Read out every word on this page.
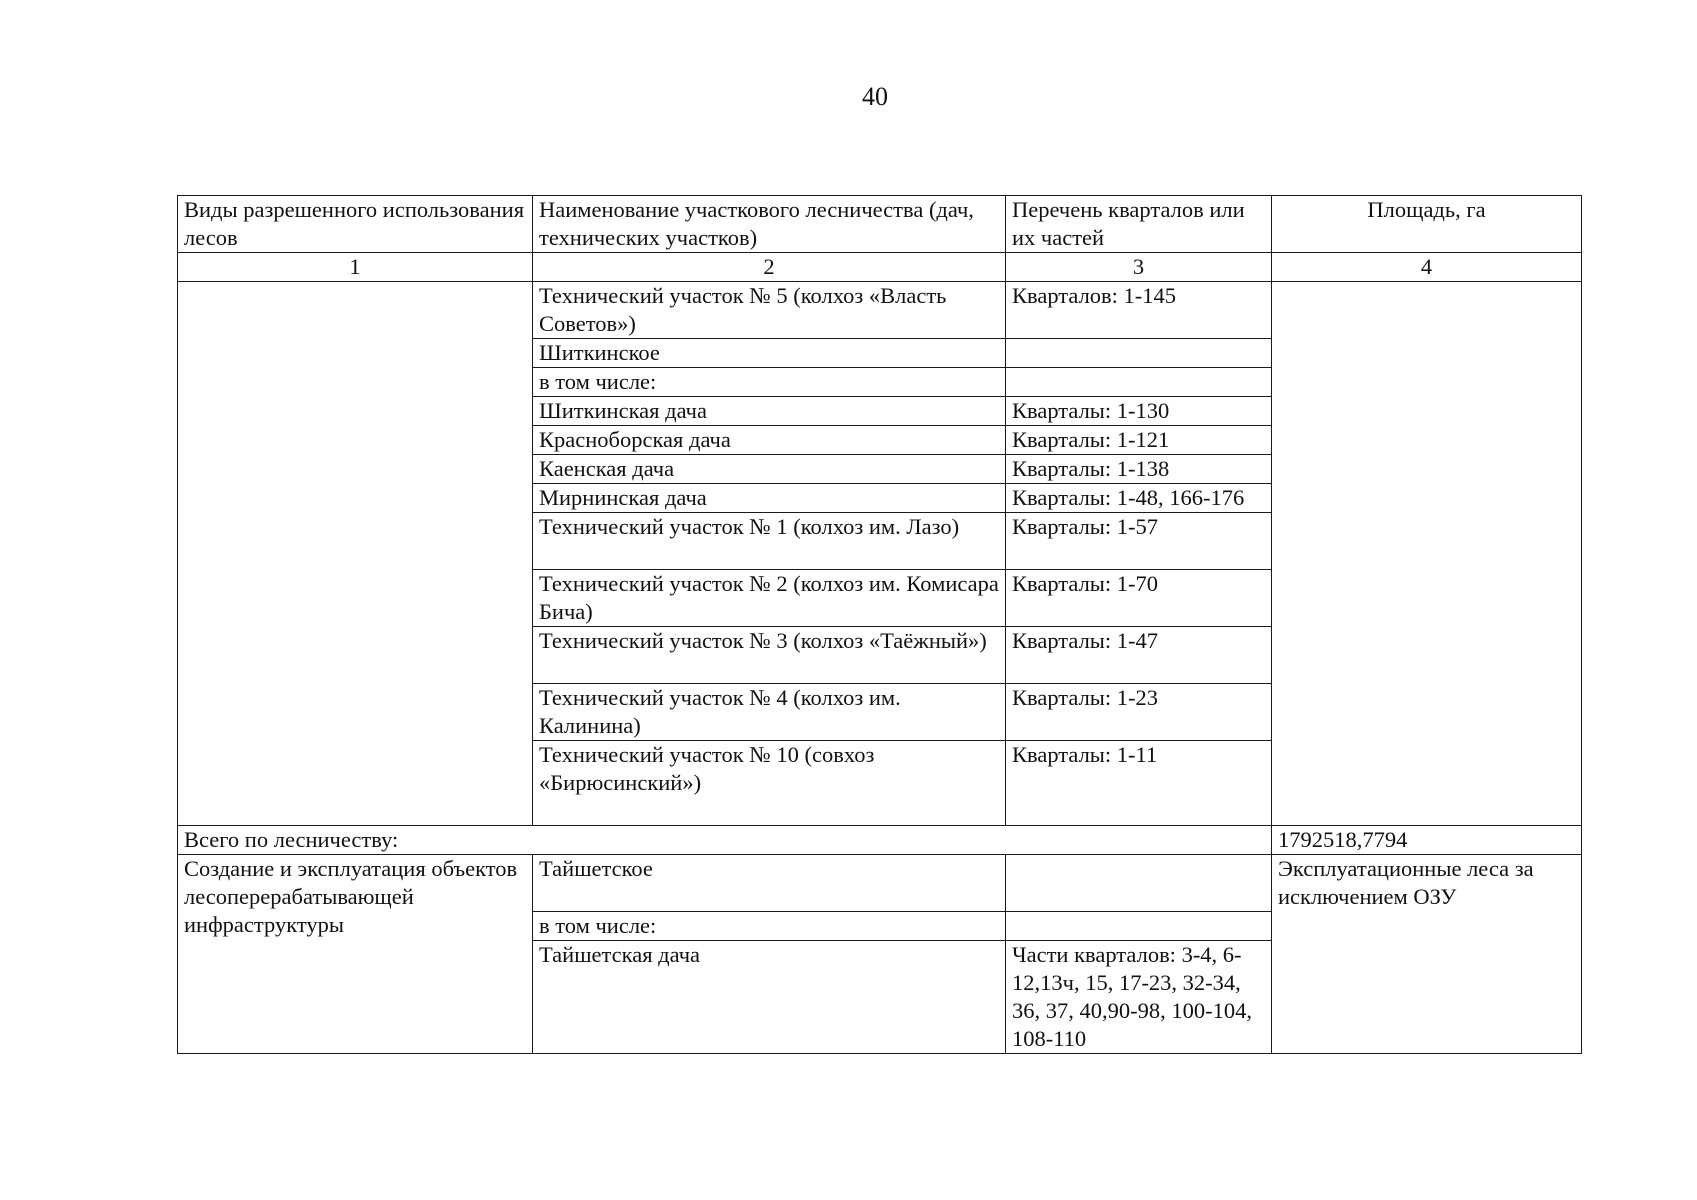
40
Виды разрешенного использования лесов	Наименование участкового лесничества (дач, технических участков)	Перечень кварталов или их частей	Площадь, га
1	2	3	4
	Технический участок № 5 (колхоз «Власть Советов»)	Кварталов: 1-145	
	Шиткинское		
	в том числе:		
	Шиткинская дача	Кварталы: 1-130	
	Красноборская дача	Кварталы: 1-121	
	Каенская дача	Кварталы: 1-138	
	Мирнинская дача	Кварталы: 1-48, 166-176	
	Технический участок № 1 (колхоз им. Лазо)	Кварталы: 1-57	
	Технический участок № 2 (колхоз им. Комисара Бича)	Кварталы: 1-70	
	Технический участок № 3 (колхоз «Таёжный»)	Кварталы: 1-47	
	Технический участок № 4 (колхоз им. Калинина)	Кварталы: 1-23	
	Технический участок № 10 (совхоз «Бирюсинский»)	Кварталы: 1-11	
Всего по лесничеству:			1792518,7794
Создание и эксплуатация объектов лесоперерабатывающей инфраструктуры	Тайшетское		Эксплуатационные леса за исключением ОЗУ
	в том числе:		
	Тайшетская дача	Части кварталов: 3-4, 6-12,13ч, 15, 17-23, 32-34, 36, 37, 40,90-98, 100-104, 108-110	
